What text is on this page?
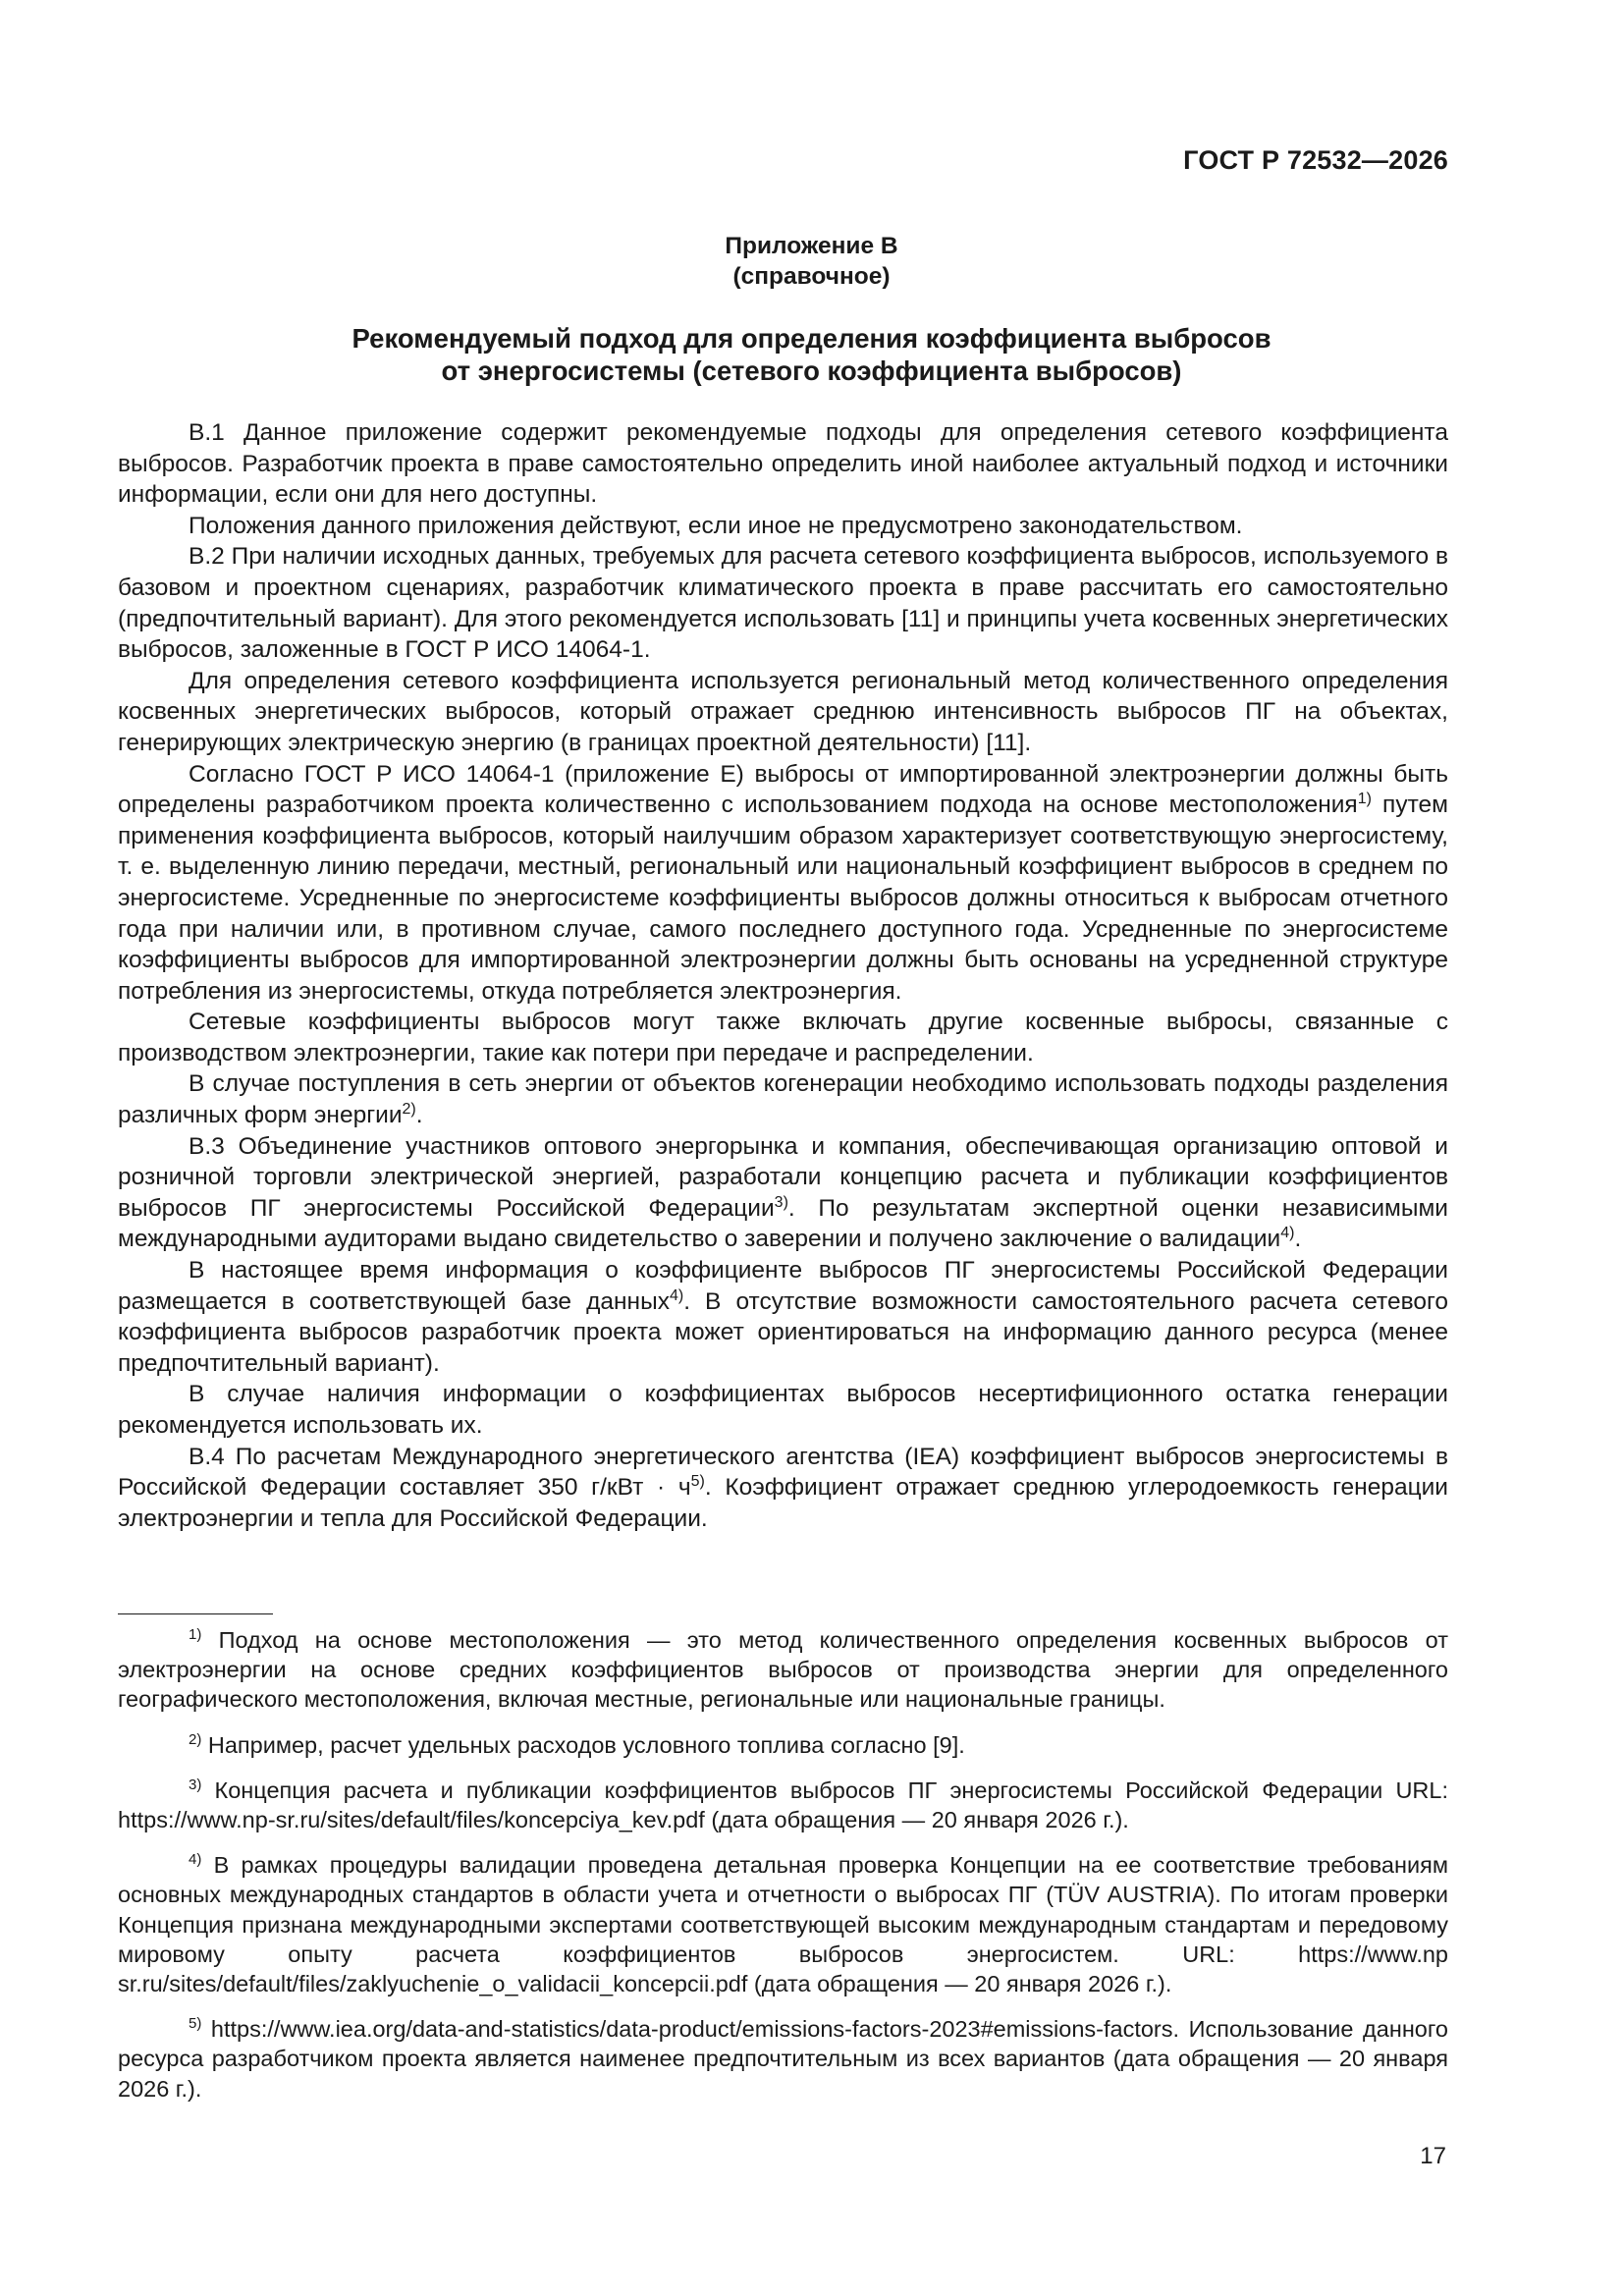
ГОСТ Р 72532—2026
Приложение В
(справочное)
Рекомендуемый подход для определения коэффициента выбросов
от энергосистемы (сетевого коэффициента выбросов)

В.1 Данное приложение содержит рекомендуемые подходы для определения сетевого коэффициента выбросов. Разработчик проекта в праве самостоятельно определить иной наиболее актуальный подход и источники информации, если они для него доступны.

Положения данного приложения действуют, если иное не предусмотрено законодательством.

В.2 При наличии исходных данных, требуемых для расчета сетевого коэффициента выбросов, используемого в базовом и проектном сценариях, разработчик климатического проекта в праве рассчитать его самостоятельно (предпочтительный вариант). Для этого рекомендуется использовать [11] и принципы учета косвенных энергетических выбросов, заложенные в ГОСТ Р ИСО 14064-1.

Для определения сетевого коэффициента используется региональный метод количественного определения косвенных энергетических выбросов, который отражает среднюю интенсивность выбросов ПГ на объектах, генерирующих электрическую энергию (в границах проектной деятельности) [11].

Согласно ГОСТ Р ИСО 14064-1 (приложение Е) выбросы от импортированной электроэнергии должны быть определены разработчиком проекта количественно с использованием подхода на основе местоположения$^{1)}$ путем применения коэффициента выбросов, который наилучшим образом характеризует соответствующую энергосистему, т. е. выделенную линию передачи, местный, региональный или национальный коэффициент выбросов в среднем по энергосистеме. Усредненные по энергосистеме коэффициенты выбросов должны относиться к выбросам отчетного года при наличии или, в противном случае, самого последнего доступного года. Усредненные по энергосистеме коэффициенты выбросов для импортированной электроэнергии должны быть основаны на усредненной структуре потребления из энергосистемы, откуда потребляется электроэнергия.

Сетевые коэффициенты выбросов могут также включать другие косвенные выбросы, связанные с производством электроэнергии, такие как потери при передаче и распределении.

В случае поступления в сеть энергии от объектов когенерации необходимо использовать подходы разделения различных форм энергии$^{2)}$.

В.3 Объединение участников оптового энергорынка и компания, обеспечивающая организацию оптовой и розничной торговли электрической энергией, разработали концепцию расчета и публикации коэффициентов выбросов ПГ энергосистемы Российской Федерации$^{3)}$. По результатам экспертной оценки независимыми международными аудиторами выдано свидетельство о заверении и получено заключение о валидации$^{4)}$.

В настоящее время информация о коэффициенте выбросов ПГ энергосистемы Российской Федерации размещается в соответствующей базе данных$^{4)}$. В отсутствие возможности самостоятельного расчета сетевого коэффициента выбросов разработчик проекта может ориентироваться на информацию данного ресурса (менее предпочтительный вариант).

В случае наличия информации о коэффициентах выбросов несертифиционного остатка генерации рекомендуется использовать их.

В.4 По расчетам Международного энергетического агентства (IEA) коэффициент выбросов энергосистемы в Российской Федерации составляет 350 $г/кВт \cdot ч^{5)}$. Коэффициент отражает среднюю углеродоемкость генерации электроэнергии и тепла для Российской Федерации.

$^{1)}$ Подход на основе местоположения — это метод количественного определения косвенных выбросов от электроэнергии на основе средних коэффициентов выбросов от производства энергии для определенного географического местоположения, включая местные, региональные или национальные границы.

$^{2)}$ Например, расчет удельных расходов условного топлива согласно [9].

$^{3)}$ Концепция расчета и публикации коэффициентов выбросов ПГ энергосистемы Российской Федерации URL: https://www.np-sr.ru/sites/default/files/koncepciya_kev.pdf (дата обращения — 20 января 2026 г.).

$^{4)}$ В рамках процедуры валидации проведена детальная проверка Концепции на ее соответствие требованиям основных международных стандартов в области учета и отчетности о выбросах ПГ (TÜV AUSTRIA). По итогам проверки Концепция признана международными экспертами соответствующей высоким международным стандартам и передовому мировому опыту расчета коэффициентов выбросов энергосистем. URL: https://www.np sr.ru/sites/default/files/zaklyuchenie_o_validacii_koncepcii.pdf (дата обращения — 20 января 2026 г.).

$^{5)}$ https://www.iea.org/data-and-statistics/data-product/emissions-factors-2023#emissions-factors. Использование данного ресурса разработчиком проекта является наименее предпочтительным из всех вариантов (дата обращения — 20 января 2026 г.).

17
